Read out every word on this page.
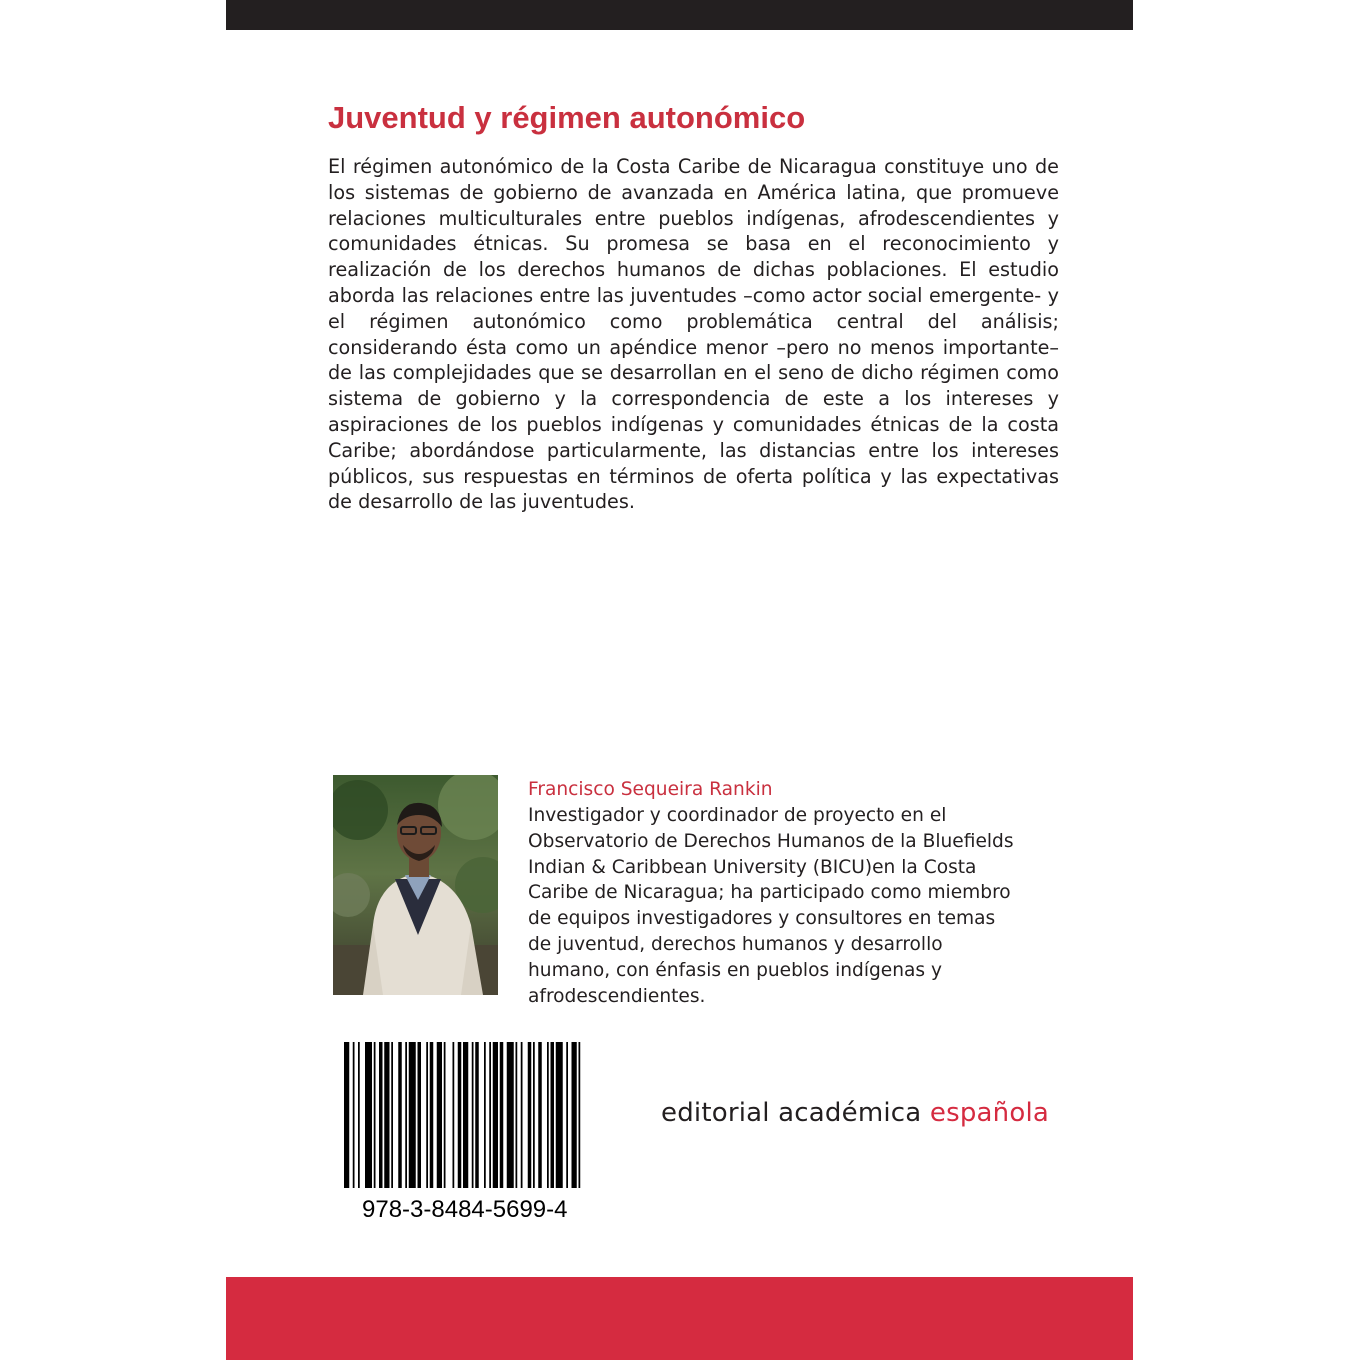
Juventud y régimen autonómico

El régimen autonómico de la Costa Caribe de Nicaragua constituye uno de los sistemas de gobierno de avanzada en América latina, que promueve relaciones multiculturales entre pueblos indígenas, afrodescendientes y comunidades étnicas. Su promesa se basa en el reconocimiento y realización de los derechos humanos de dichas poblaciones. El estudio aborda las relaciones entre las juventudes –como actor social emergente- y el régimen autonómico como problemática central del análisis; considerando ésta como un apéndice menor –pero no menos importante– de las complejidades que se desarrollan en el seno de dicho régimen como sistema de gobierno y la correspondencia de este a los intereses y aspiraciones de los pueblos indígenas y comunidades étnicas de la costa Caribe; abordándose particularmente, las distancias entre los intereses públicos, sus respuestas en términos de oferta política y las expectativas de desarrollo de las juventudes.

Francisco Sequeira Rankin

Investigador y coordinador de proyecto en el
Observatorio de Derechos Humanos de la Bluefields
Indian & Caribbean University (BICU)en la Costa
Caribe de Nicaragua; ha participado como miembro
de equipos investigadores y consultores en temas
de juventud, derechos humanos y desarrollo
humano, con énfasis en pueblos indígenas y
afrodescendientes.

978-3-8484-5699-4

editorial académica española
